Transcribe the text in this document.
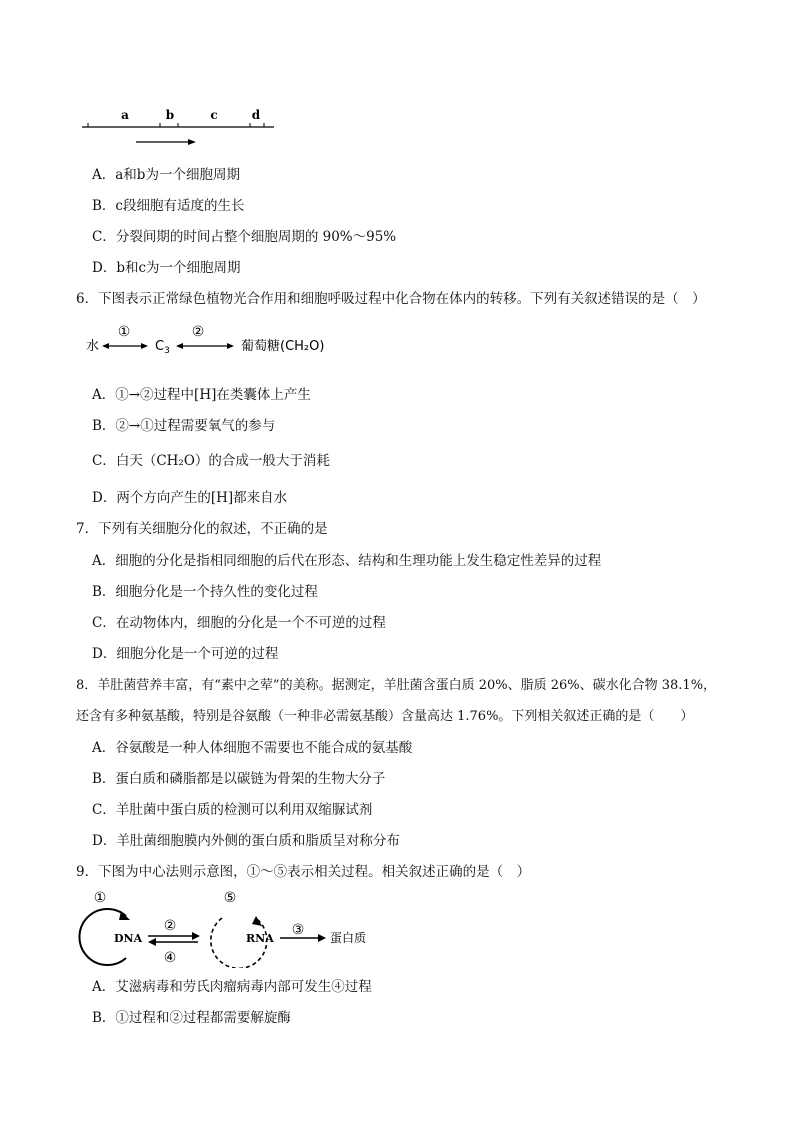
a	b	c	d
A．a和b为一个细胞周期
B．c段细胞有适度的生长
C．分裂间期的时间占整个细胞周期的 90%～95%
D．b和c为一个细胞周期
6．下图表示正常绿色植物光合作用和细胞呼吸过程中化合物在体内的转移。下列有关叙述错误的是（　）
水
①
$C_3$
②
葡萄糖(CH₂O)
A．①→②过程中[H]在类囊体上产生
B．②→①过程需要氧气的参与
C．白天（CH₂O）的合成一般大于消耗
D．两个方向产生的[H]都来自水
7．下列有关细胞分化的叙述，不正确的是
A．细胞的分化是指相同细胞的后代在形态、结构和生理功能上发生稳定性差异的过程
B．细胞分化是一个持久性的变化过程
C．在动物体内，细胞的分化是一个不可逆的过程
D．细胞分化是一个可逆的过程
8．羊肚菌营养丰富，有“素中之荤”的美称。据测定，羊肚菌含蛋白质 20%、脂质 26%、碳水化合物 38.1%，
还含有多种氨基酸，特别是谷氨酸（一种非必需氨基酸）含量高达 1.76%。下列相关叙述正确的是（　　）
A．谷氨酸是一种人体细胞不需要也不能合成的氨基酸
B．蛋白质和磷脂都是以碳链为骨架的生物大分子
C．羊肚菌中蛋白质的检测可以利用双缩脲试剂
D．羊肚菌细胞膜内外侧的蛋白质和脂质呈对称分布
9．下图为中心法则示意图，①～⑤表示相关过程。相关叙述正确的是（　）
①
DNA
②
④
⑤
RNA
③ 蛋白质
A．艾滋病毒和劳氏肉瘤病毒内部可发生④过程
B．①过程和②过程都需要解旋酶
